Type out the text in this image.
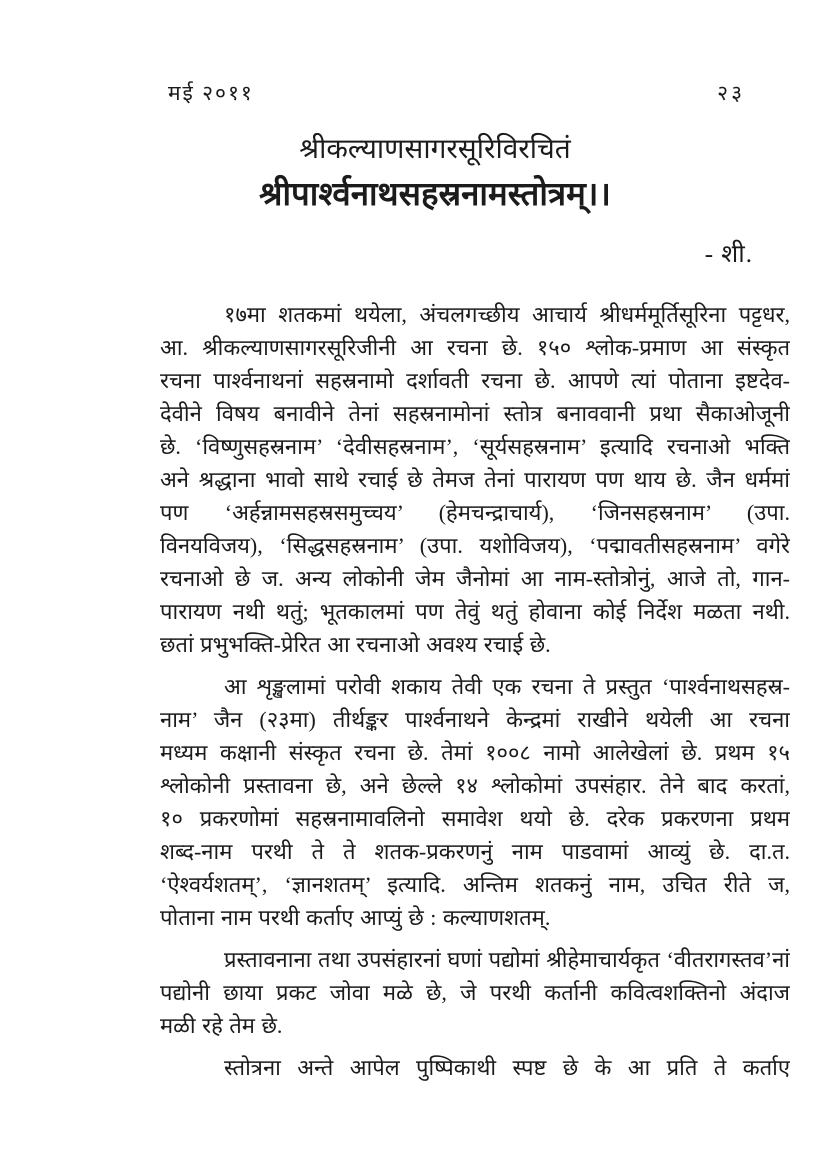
मई २०११	२३
श्रीकल्याणसागरसूरिविरचितं
श्रीपार्श्वनाथसहस्रनामस्तोत्रम्।।
- शी.
१७मा शतकमां थयेला, अंचलगच्छीय आचार्य श्रीधर्ममूर्तिसूरिना पट्टधर,
आ. श्रीकल्याणसागरसूरिजीनी आ रचना छे. १५० श्लोक-प्रमाण आ संस्कृत
रचना पार्श्वनाथनां सहस्रनामो दर्शावती रचना छे. आपणे त्यां पोताना इष्टदेव-
देवीने विषय बनावीने तेनां सहस्रनामोनां स्तोत्र बनाववानी प्रथा सैकाओजूनी
छे. ‘विष्णुसहस्रनाम’ ‘देवीसहस्रनाम’, ‘सूर्यसहस्रनाम’ इत्यादि रचनाओ भक्ति
अने श्रद्धाना भावो साथे रचाई छे तेमज तेनां पारायण पण थाय छे. जैन धर्ममां
पण ‘अर्हन्नामसहस्रसमुच्चय’ (हेमचन्द्राचार्य), ‘जिनसहस्रनाम’ (उपा.
विनयविजय), ‘सिद्धसहस्रनाम’ (उपा. यशोविजय), ‘पद्मावतीसहस्रनाम’ वगेरे
रचनाओ छे ज. अन्य लोकोनी जेम जैनोमां आ नाम-स्तोत्रोनुं, आजे तो, गान-
पारायण नथी थतुं; भूतकालमां पण तेवुं थतुं होवाना कोई निर्देश मळता नथी.
छतां प्रभुभक्ति-प्रेरित आ रचनाओ अवश्य रचाई छे.
आ शृङ्खलामां परोवी शकाय तेवी एक रचना ते प्रस्तुत ‘पार्श्वनाथसहस्र-
नाम’ जैन (२३मा) तीर्थङ्कर पार्श्वनाथने केन्द्रमां राखीने थयेली आ रचना
मध्यम कक्षानी संस्कृत रचना छे. तेमां १००८ नामो आलेखेलां छे. प्रथम १५
श्लोकोनी प्रस्तावना छे, अने छेल्ले १४ श्लोकोमां उपसंहार. तेने बाद करतां,
१० प्रकरणोमां सहस्रनामावलिनो समावेश थयो छे. दरेक प्रकरणना प्रथम
शब्द-नाम परथी ते ते शतक-प्रकरणनुं नाम पाडवामां आव्युं छे. दा.त.
‘ऐश्वर्यशतम्’, ‘ज्ञानशतम्’ इत्यादि. अन्तिम शतकनुं नाम, उचित रीते ज,
पोताना नाम परथी कर्ताए आप्युं छे : कल्याणशतम्.
प्रस्तावनाना तथा उपसंहारनां घणां पद्योमां श्रीहेमाचार्यकृत ‘वीतरागस्तव’नां
पद्योनी छाया प्रकट जोवा मळे छे, जे परथी कर्तानी कवित्वशक्तिनो अंदाज
मळी रहे तेम छे.
स्तोत्रना अन्ते आपेल पुष्पिकाथी स्पष्ट छे के आ प्रति ते कर्ताए
